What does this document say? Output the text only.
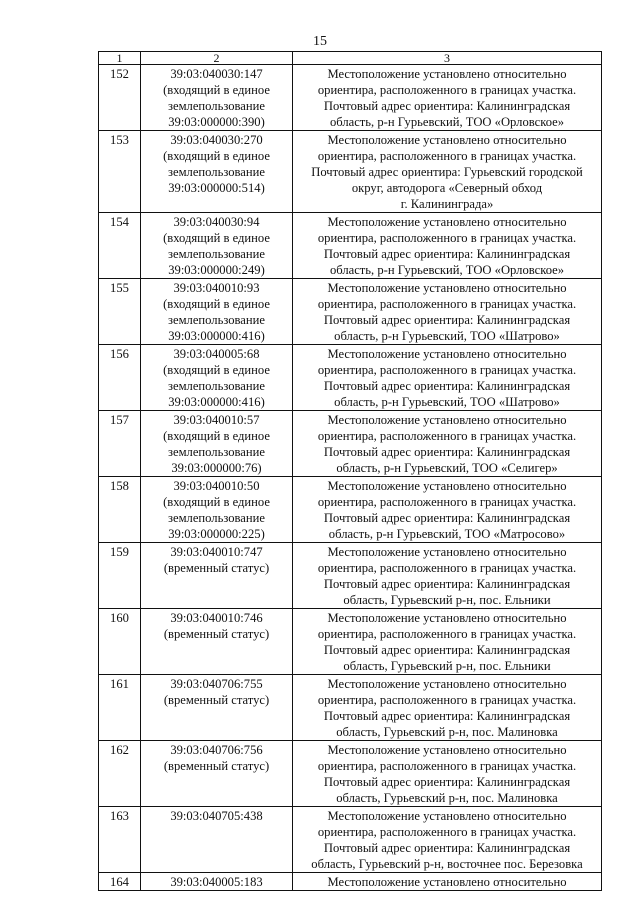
15
1	2	3
152	39:03:040030:147
(входящий в единое
землепользование
39:03:000000:390)	Местоположение установлено относительно
ориентира, расположенного в границах участка.
Почтовый адрес ориентира: Калининградская
область, р-н Гурьевский, ТОО «Орловское»

153	39:03:040030:270
(входящий в единое
землепользование
39:03:000000:514)	Местоположение установлено относительно
ориентира, расположенного в границах участка.
Почтовый адрес ориентира: Гурьевский городской
округ, автодорога «Северный обход
г. Калининграда»

154	39:03:040030:94
(входящий в единое
землепользование
39:03:000000:249)	Местоположение установлено относительно
ориентира, расположенного в границах участка.
Почтовый адрес ориентира: Калининградская
область, р-н Гурьевский, ТОО «Орловское»

155	39:03:040010:93
(входящий в единое
землепользование
39:03:000000:416)	Местоположение установлено относительно
ориентира, расположенного в границах участка.
Почтовый адрес ориентира: Калининградская
область, р-н Гурьевский, ТОО «Шатрово»

156	39:03:040005:68
(входящий в единое
землепользование
39:03:000000:416)	Местоположение установлено относительно
ориентира, расположенного в границах участка.
Почтовый адрес ориентира: Калининградская
область, р-н Гурьевский, ТОО «Шатрово»

157	39:03:040010:57
(входящий в единое
землепользование
39:03:000000:76)	Местоположение установлено относительно
ориентира, расположенного в границах участка.
Почтовый адрес ориентира: Калининградская
область, р-н Гурьевский, ТОО «Селигер»

158	39:03:040010:50
(входящий в единое
землепользование
39:03:000000:225)	Местоположение установлено относительно
ориентира, расположенного в границах участка.
Почтовый адрес ориентира: Калининградская
область, р-н Гурьевский, ТОО «Матросово»

159	39:03:040010:747
(временный статус)	Местоположение установлено относительно
ориентира, расположенного в границах участка.
Почтовый адрес ориентира: Калининградская
область, Гурьевский р-н, пос. Ельники

160	39:03:040010:746
(временный статус)	Местоположение установлено относительно
ориентира, расположенного в границах участка.
Почтовый адрес ориентира: Калининградская
область, Гурьевский р-н, пос. Ельники

161	39:03:040706:755
(временный статус)	Местоположение установлено относительно
ориентира, расположенного в границах участка.
Почтовый адрес ориентира: Калининградская
область, Гурьевский р-н, пос. Малиновка

162	39:03:040706:756
(временный статус)	Местоположение установлено относительно
ориентира, расположенного в границах участка.
Почтовый адрес ориентира: Калининградская
область, Гурьевский р-н, пос. Малиновка

163	39:03:040705:438	Местоположение установлено относительно
ориентира, расположенного в границах участка.
Почтовый адрес ориентира: Калининградская
область, Гурьевский р-н, восточнее пос. Березовка

164	39:03:040005:183	Местоположение установлено относительно
